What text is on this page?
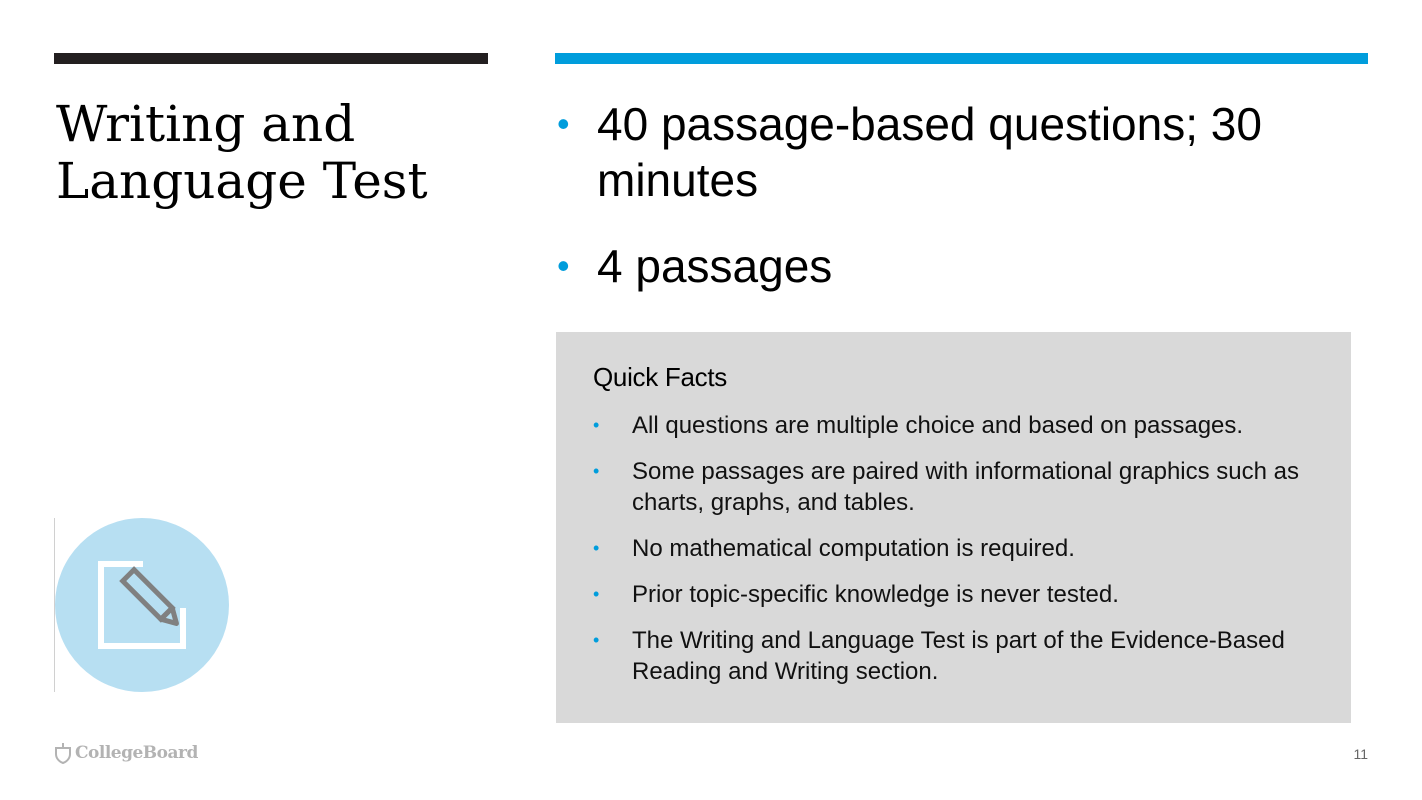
Writing and Language Test
• 40 passage-based questions; 30 minutes
• 4 passages
Quick Facts
• All questions are multiple choice and based on passages.
• Some passages are paired with informational graphics such as charts, graphs, and tables.
• No mathematical computation is required.
• Prior topic-specific knowledge is never tested.
• The Writing and Language Test is part of the Evidence-Based Reading and Writing section.
CollegeBoard	11
